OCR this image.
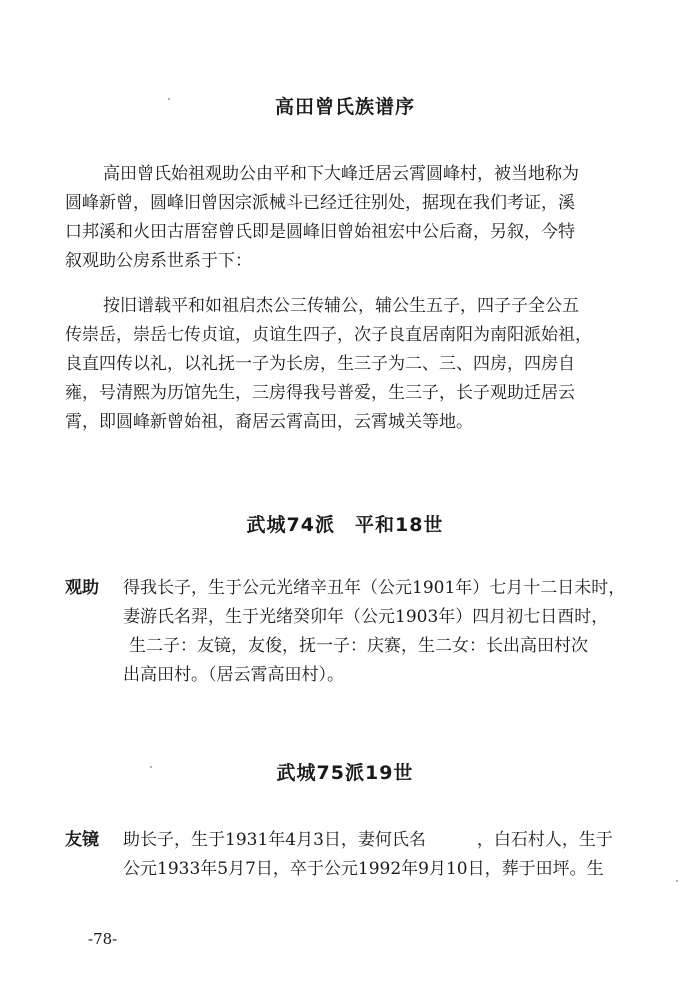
高田曾氏族谱序
高田曾氏始祖观助公由平和下大峰迁居云霄圆峰村，被当地称为
圆峰新曾，圆峰旧曾因宗派械斗已经迁往别处，据现在我们考证，溪
口邦溪和火田古厝窑曾氏即是圆峰旧曾始祖宏中公后裔，另叙，今特
叙观助公房系世系于下：
按旧谱载平和如祖启杰公三传辅公，辅公生五子，四子子全公五
传崇岳，崇岳七传贞谊，贞谊生四子，次子良直居南阳为南阳派始祖，
良直四传以礼，以礼抚一子为长房，生三子为二、三、四房，四房自
雍，号清熙为历馆先生，三房得我号普爱，生三子，长子观助迁居云
霄，即圆峰新曾始祖，裔居云霄高田，云霄城关等地。
武城74派　平和18世
观助 得我长子，生于公元光绪辛丑年（公元1901年）七月十二日未时，
妻游氏名羿，生于光绪癸卯年（公元1903年）四月初七日酉时，
生二子：友镜，友俊，抚一子：庆赛，生二女：长出高田村次
出高田村。（居云霄高田村）。
武城75派19世
友镜 助长子，生于1931年4月3日，妻何氏名　　　，白石村人，生于
公元1933年5月7日，卒于公元1992年9月10日，葬于田坪。生
-78-
